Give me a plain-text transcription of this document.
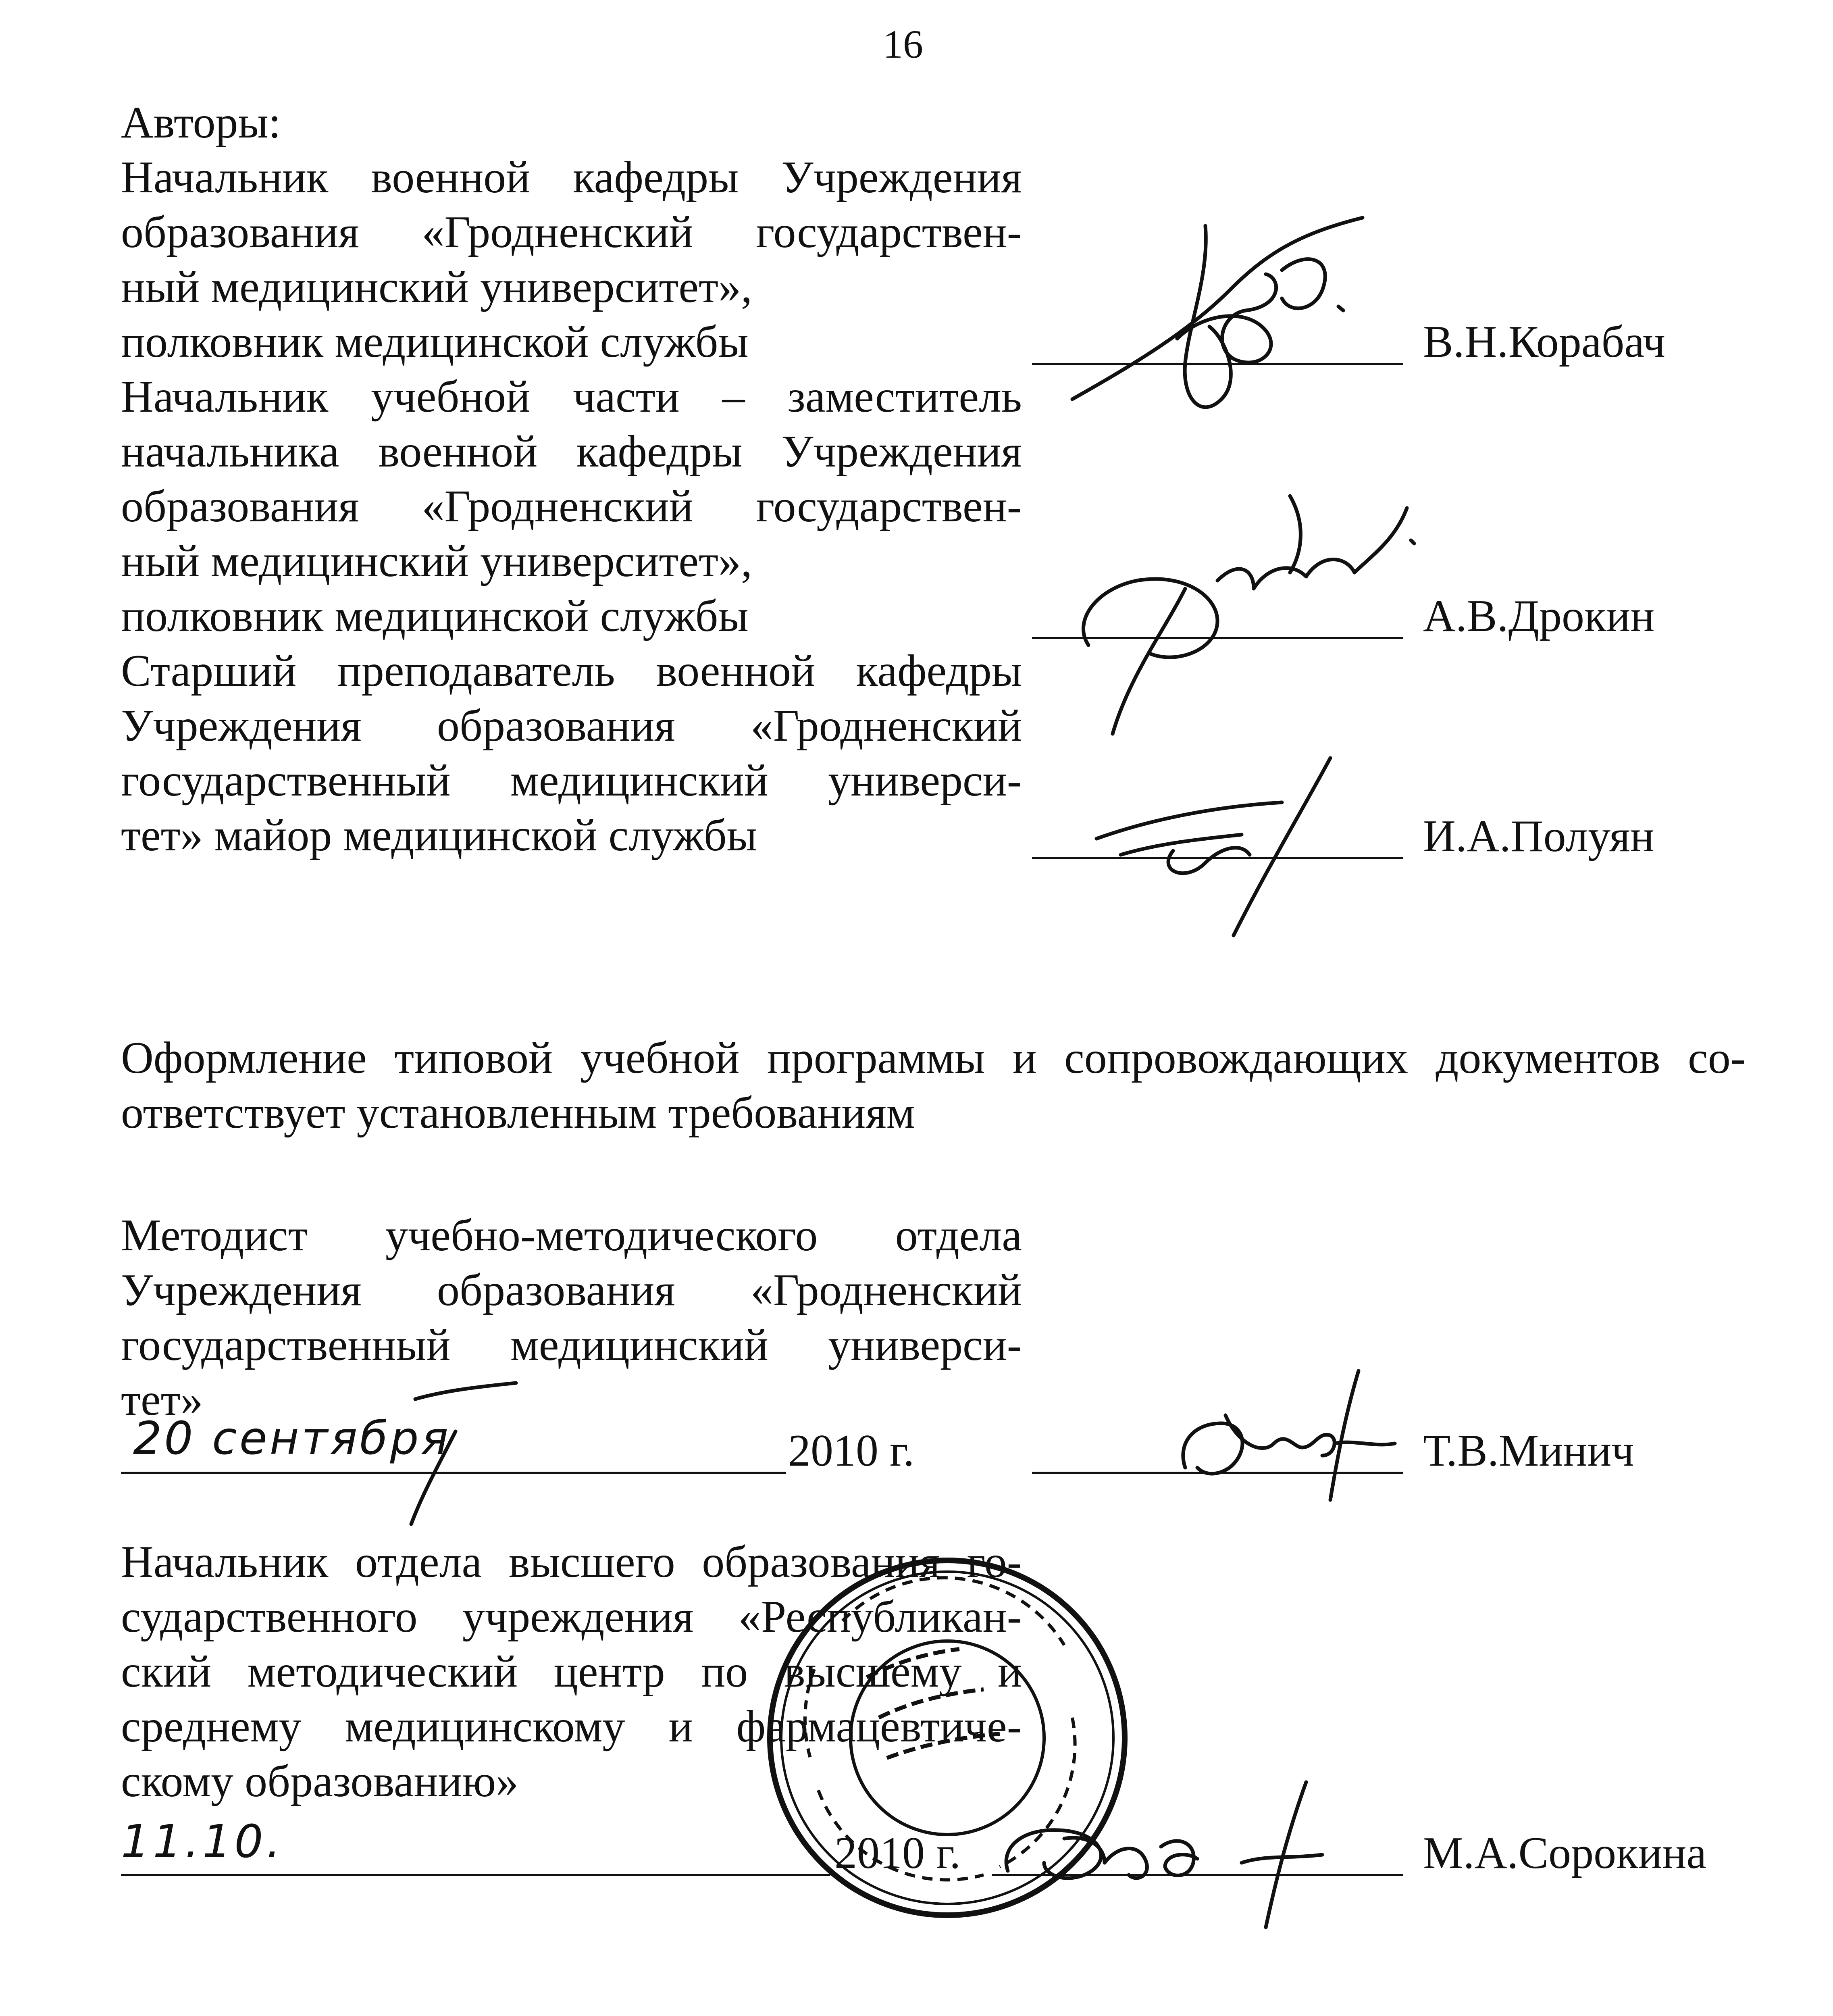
16
Авторы:
Начальник военной кафедры Учреждения
образования «Гродненский государствен-
ный медицинский университет»,
полковник медицинской службы	В.Н.Корабач
Начальник учебной части – заместитель
начальника военной кафедры Учреждения
образования «Гродненский государствен-
ный медицинский университет»,
полковник медицинской службы	А.В.Дрокин
Старший преподаватель военной кафедры
Учреждения образования «Гродненский
государственный медицинский универси-
тет» майор медицинской службы	И.А.Полуян
Оформление типовой учебной программы и сопровождающих документов со-
ответствует установленным требованиям
Методист учебно-методического отдела
Учреждения образования «Гродненский
государственный медицинский универси-
тет»
20 сентября	2010 г.	Т.В.Минич
Начальник отдела высшего образования го-
сударственного учреждения «Республикан-
ский методический центр по высшему и
среднему медицинскому и фармацевтиче-
скому образованию»
11.10.	2010 г.	М.А.Сорокина
